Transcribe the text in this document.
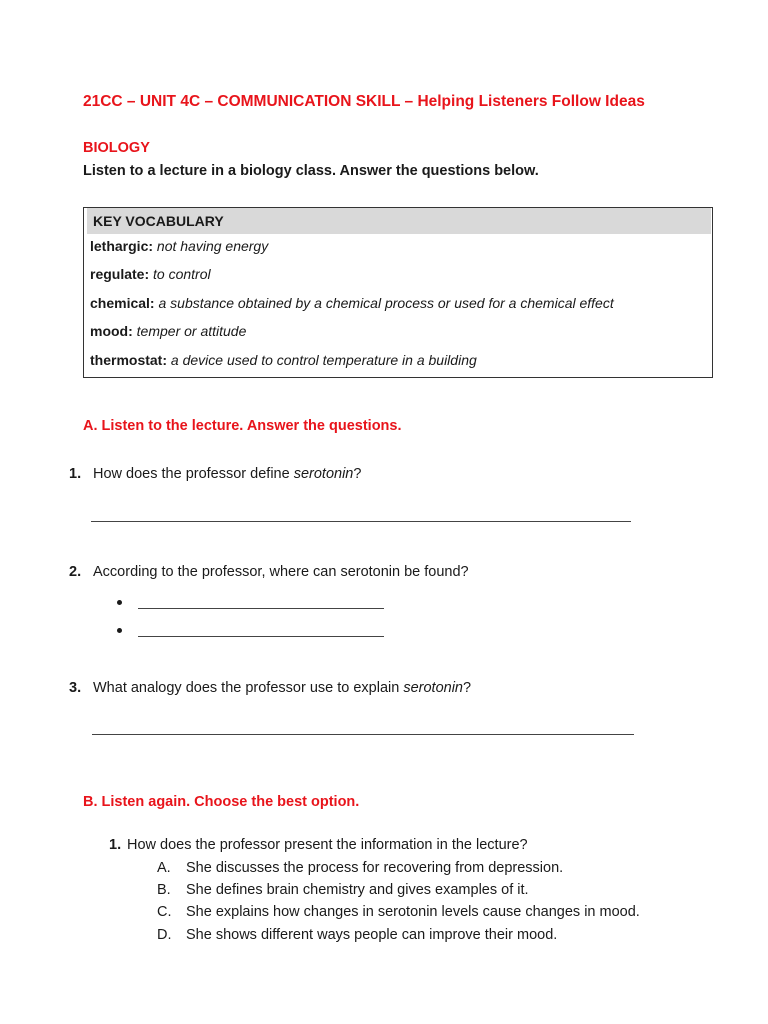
21CC – UNIT 4C – COMMUNICATION SKILL – Helping Listeners Follow Ideas
BIOLOGY
Listen to a lecture in a biology class. Answer the questions below.
KEY VOCABULARY
lethargic: not having energy
regulate: to control
chemical: a substance obtained by a chemical process or used for a chemical effect
mood: temper or attitude
thermostat: a device used to control temperature in a building
A. Listen to the lecture. Answer the questions.
1. How does the professor define serotonin?
2. According to the professor, where can serotonin be found?
3. What analogy does the professor use to explain serotonin?
B. Listen again. Choose the best option.
1. How does the professor present the information in the lecture?
A. She discusses the process for recovering from depression.
B. She defines brain chemistry and gives examples of it.
C. She explains how changes in serotonin levels cause changes in mood.
D. She shows different ways people can improve their mood.
